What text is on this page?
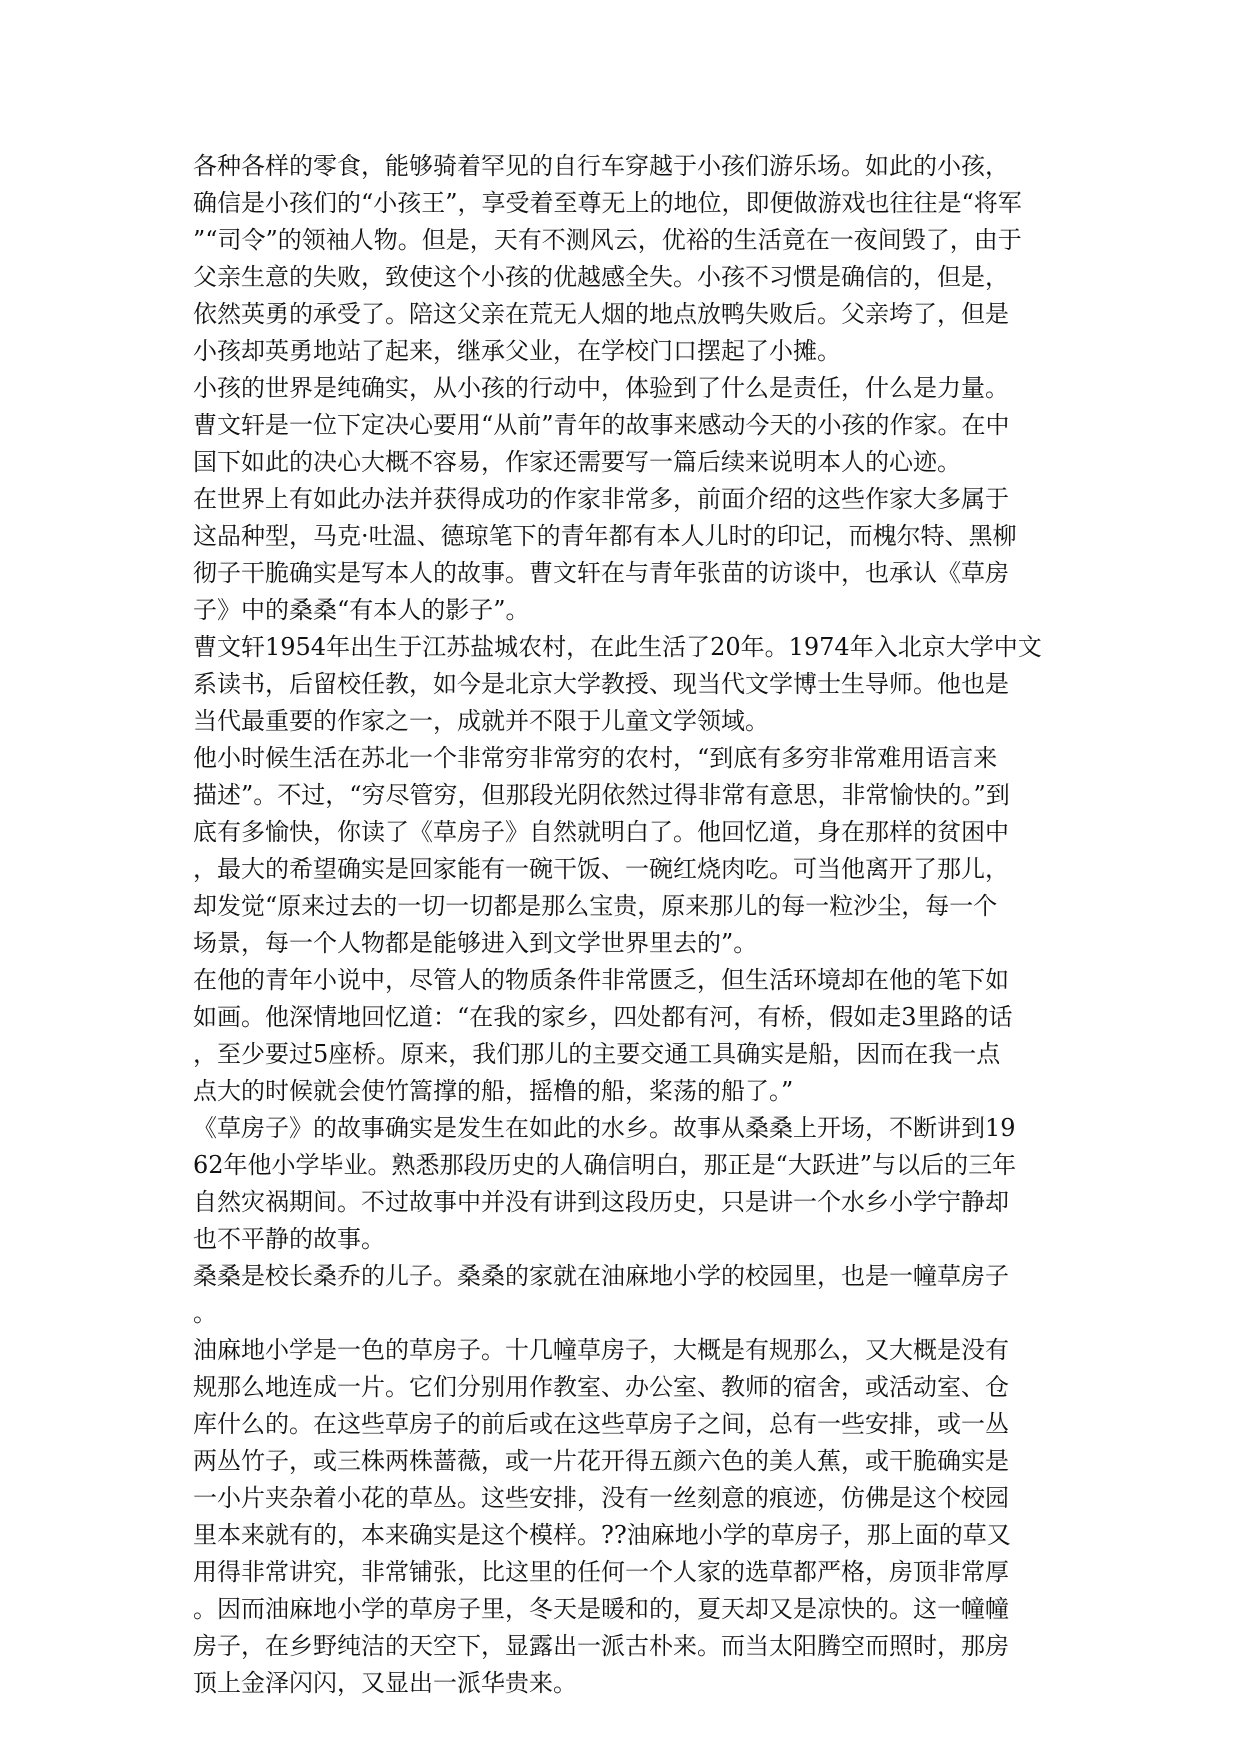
各种各样的零食，能够骑着罕见的自行车穿越于小孩们游乐场。如此的小孩，
确信是小孩们的“小孩王”，享受着至尊无上的地位，即便做游戏也往往是“将军
”“司令”的领袖人物。但是，天有不测风云，优裕的生活竟在一夜间毁了，由于
父亲生意的失败，致使这个小孩的优越感全失。小孩不习惯是确信的，但是，
依然英勇的承受了。陪这父亲在荒无人烟的地点放鸭失败后。父亲垮了，但是
小孩却英勇地站了起来，继承父业，在学校门口摆起了小摊。
小孩的世界是纯确实，从小孩的行动中，体验到了什么是责任，什么是力量。
曹文轩是一位下定决心要用“从前”青年的故事来感动今天的小孩的作家。在中
国下如此的决心大概不容易，作家还需要写一篇后续来说明本人的心迹。
在世界上有如此办法并获得成功的作家非常多，前面介绍的这些作家大多属于
这品种型，马克·吐温、德琼笔下的青年都有本人儿时的印记，而槐尔特、黑柳
彻子干脆确实是写本人的故事。曹文轩在与青年张苗的访谈中，也承认《草房
子》中的桑桑“有本人的影子”。
曹文轩1954年出生于江苏盐城农村，在此生活了20年。1974年入北京大学中文
系读书，后留校任教，如今是北京大学教授、现当代文学博士生导师。他也是
当代最重要的作家之一，成就并不限于儿童文学领域。
他小时候生活在苏北一个非常穷非常穷的农村，“到底有多穷非常难用语言来
描述”。不过，“穷尽管穷，但那段光阴依然过得非常有意思，非常愉快的。”到
底有多愉快，你读了《草房子》自然就明白了。他回忆道，身在那样的贫困中
，最大的希望确实是回家能有一碗干饭、一碗红烧肉吃。可当他离开了那儿，
却发觉“原来过去的一切一切都是那么宝贵，原来那儿的每一粒沙尘，每一个
场景，每一个人物都是能够进入到文学世界里去的”。
在他的青年小说中，尽管人的物质条件非常匮乏，但生活环境却在他的笔下如
如画。他深情地回忆道：“在我的家乡，四处都有河，有桥，假如走3里路的话
，至少要过5座桥。原来，我们那儿的主要交通工具确实是船，因而在我一点
点大的时候就会使竹篙撑的船，摇橹的船，桨荡的船了。”
《草房子》的故事确实是发生在如此的水乡。故事从桑桑上开场，不断讲到19
62年他小学毕业。熟悉那段历史的人确信明白，那正是“大跃进”与以后的三年
自然灾祸期间。不过故事中并没有讲到这段历史，只是讲一个水乡小学宁静却
也不平静的故事。
桑桑是校长桑乔的儿子。桑桑的家就在油麻地小学的校园里，也是一幢草房子
。
油麻地小学是一色的草房子。十几幢草房子，大概是有规那么，又大概是没有
规那么地连成一片。它们分别用作教室、办公室、教师的宿舍，或活动室、仓
库什么的。在这些草房子的前后或在这些草房子之间，总有一些安排，或一丛
两丛竹子，或三株两株蔷薇，或一片花开得五颜六色的美人蕉，或干脆确实是
一小片夹杂着小花的草丛。这些安排，没有一丝刻意的痕迹，仿佛是这个校园
里本来就有的，本来确实是这个模样。??油麻地小学的草房子，那上面的草又
用得非常讲究，非常铺张，比这里的任何一个人家的选草都严格，房顶非常厚
。因而油麻地小学的草房子里，冬天是暖和的，夏天却又是凉快的。这一幢幢
房子，在乡野纯洁的天空下，显露出一派古朴来。而当太阳腾空而照时，那房
顶上金泽闪闪，又显出一派华贵来。
